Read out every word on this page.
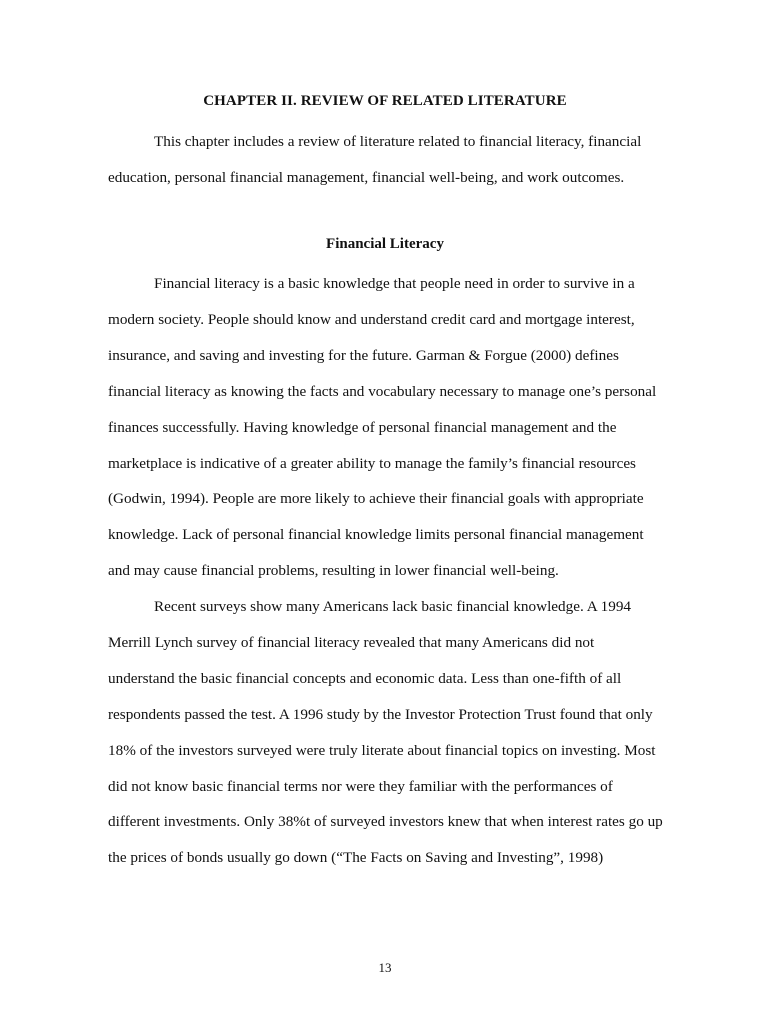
CHAPTER II. REVIEW OF RELATED LITERATURE

This chapter includes a review of literature related to financial literacy, financial
education, personal financial management, financial well-being, and work outcomes.

Financial Literacy

Financial literacy is a basic knowledge that people need in order to survive in a
modern society. People should know and understand credit card and mortgage interest,
insurance, and saving and investing for the future. Garman & Forgue (2000) defines
financial literacy as knowing the facts and vocabulary necessary to manage one’s personal
finances successfully. Having knowledge of personal financial management and the
marketplace is indicative of a greater ability to manage the family’s financial resources
(Godwin, 1994). People are more likely to achieve their financial goals with appropriate
knowledge. Lack of personal financial knowledge limits personal financial management
and may cause financial problems, resulting in lower financial well-being.

Recent surveys show many Americans lack basic financial knowledge. A 1994
Merrill Lynch survey of financial literacy revealed that many Americans did not
understand the basic financial concepts and economic data. Less than one-fifth of all
respondents passed the test. A 1996 study by the Investor Protection Trust found that only
18% of the investors surveyed were truly literate about financial topics on investing. Most
did not know basic financial terms nor were they familiar with the performances of
different investments. Only 38%t of surveyed investors knew that when interest rates go up
the prices of bonds usually go down (“The Facts on Saving and Investing”, 1998)

13
